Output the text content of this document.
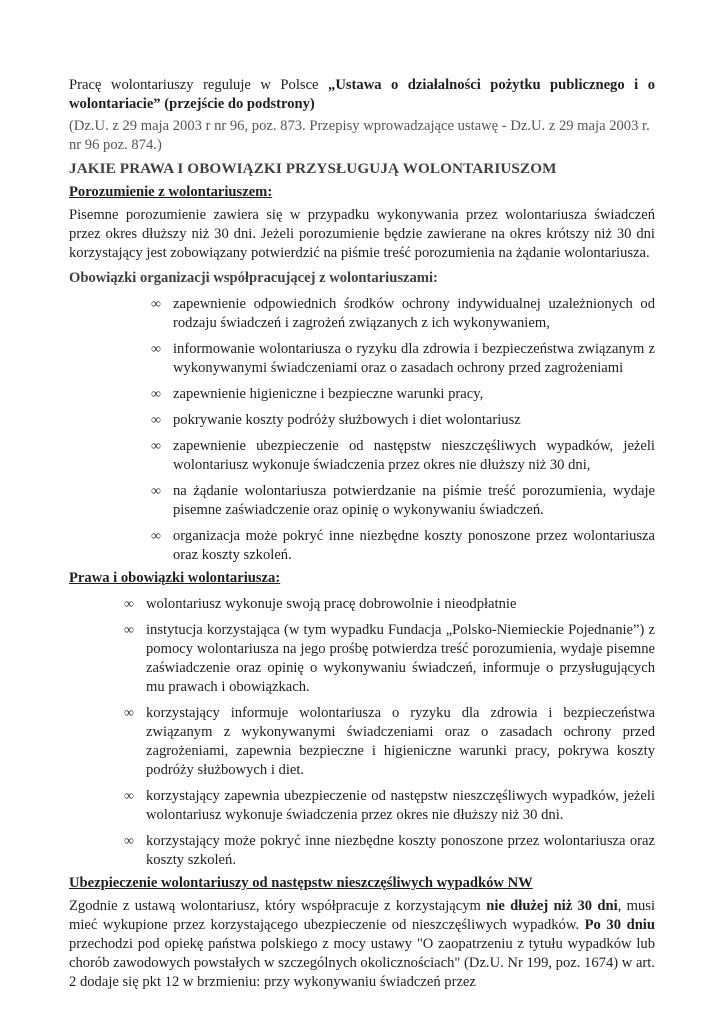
Pracę wolontariuszy reguluje w Polsce „Ustawa o działalności pożytku publicznego i o wolontariacie” (przejście do podstrony)

(Dz.U. z 29 maja 2003 r nr 96, poz. 873. Przepisy wprowadzające ustawę - Dz.U. z 29 maja 2003 r. nr 96 poz. 874.)

JAKIE PRAWA I OBOWIĄZKI PRZYSŁUGUJĄ WOLONTARIUSZOM

Porozumienie z wolontariuszem:

Pisemne porozumienie zawiera się w przypadku wykonywania przez wolontariusza świadczeń przez okres dłuższy niż 30 dni. Jeżeli porozumienie będzie zawierane na okres krótszy niż 30 dni korzystający jest zobowiązany potwierdzić na piśmie treść porozumienia na żądanie wolontariusza.

Obowiązki organizacji współpracującej z wolontariuszami:

∞ zapewnienie odpowiednich środków ochrony indywidualnej uzależnionych od rodzaju świadczeń i zagrożeń związanych z ich wykonywaniem,
∞ informowanie wolontariusza o ryzyku dla zdrowia i bezpieczeństwa związanym z wykonywanymi świadczeniami oraz o zasadach ochrony przed zagrożeniami
∞ zapewnienie higieniczne i bezpieczne warunki pracy,
∞ pokrywanie koszty podróży służbowych i diet wolontariusz
∞ zapewnienie ubezpieczenie od następstw nieszczęśliwych wypadków, jeżeli wolontariusz wykonuje świadczenia przez okres nie dłuższy niż 30 dni,
∞ na żądanie wolontariusza potwierdzanie na piśmie treść porozumienia, wydaje pisemne zaświadczenie oraz opinię o wykonywaniu świadczeń.
∞ organizacja może pokryć inne niezbędne koszty ponoszone przez wolontariusza oraz koszty szkoleń.

Prawa i obowiązki wolontariusza:

∞ wolontariusz wykonuje swoją pracę dobrowolnie i nieodpłatnie
∞ instytucja korzystająca (w tym wypadku Fundacja „Polsko-Niemieckie Pojednanie”) z pomocy wolontariusza na jego prośbę potwierdza treść porozumienia, wydaje pisemne zaświadczenie oraz opinię o wykonywaniu świadczeń, informuje o przysługujących mu prawach i obowiązkach.
∞ korzystający informuje wolontariusza o ryzyku dla zdrowia i bezpieczeństwa związanym z wykonywanymi świadczeniami oraz o zasadach ochrony przed zagrożeniami, zapewnia bezpieczne i higieniczne warunki pracy, pokrywa koszty podróży służbowych i diet.
∞ korzystający zapewnia ubezpieczenie od następstw nieszczęśliwych wypadków, jeżeli wolontariusz wykonuje świadczenia przez okres nie dłuższy niż 30 dni.
∞ korzystający może pokryć inne niezbędne koszty ponoszone przez wolontariusza oraz koszty szkoleń.

Ubezpieczenie wolontariuszy od następstw nieszczęśliwych wypadków NW

Zgodnie z ustawą wolontariusz, który współpracuje z korzystającym nie dłużej niż 30 dni, musi mieć wykupione przez korzystającego ubezpieczenie od nieszczęśliwych wypadków. Po 30 dniu przechodzi pod opiekę państwa polskiego z mocy ustawy "O zaopatrzeniu z tytułu wypadków lub chorób zawodowych powstałych w szczególnych okolicznościach" (Dz.U. Nr 199, poz. 1674) w art. 2 dodaje się pkt 12 w brzmieniu: przy wykonywaniu świadczeń przez
